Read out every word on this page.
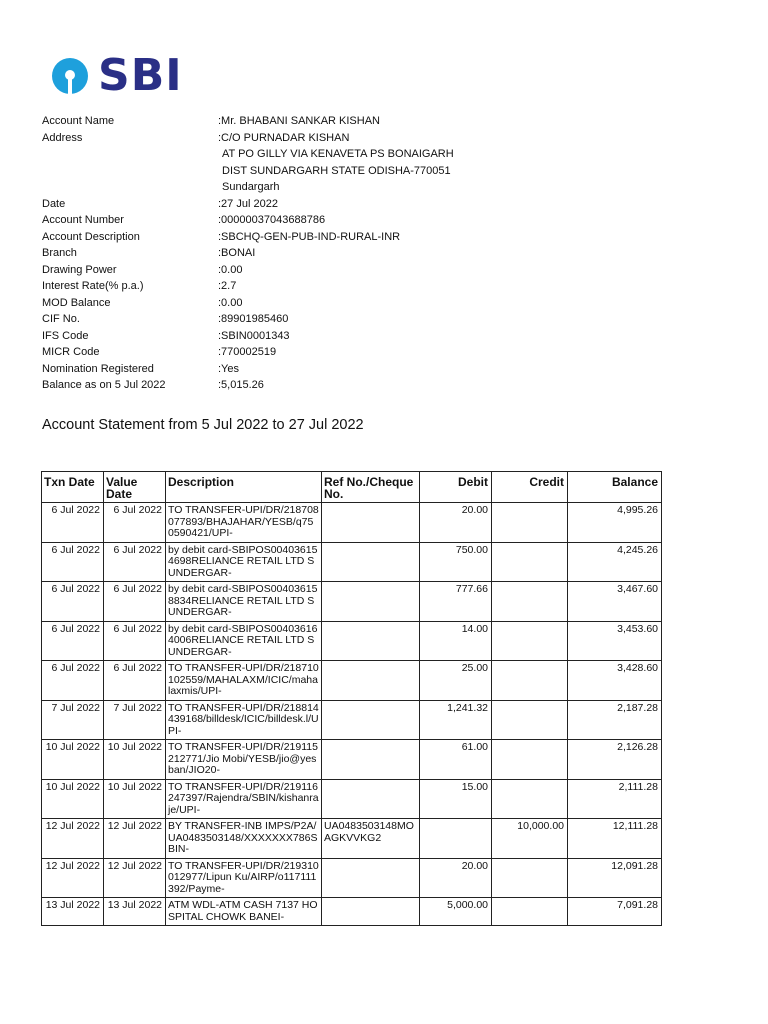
SBI
Account Name	:Mr. BHABANI SANKAR KISHAN
Address	:C/O PURNADAR KISHAN
AT PO GILLY VIA KENAVETA PS BONAIGARH
DIST SUNDARGARH STATE ODISHA-770051
Sundargarh
Date	:27 Jul 2022
Account Number	:00000037043688786
Account Description	:SBCHQ-GEN-PUB-IND-RURAL-INR
Branch	:BONAI
Drawing Power	:0.00
Interest Rate(% p.a.)	:2.7
MOD Balance	:0.00
CIF No.	:89901985460
IFS Code	:SBIN0001343
MICR Code	:770002519
Nomination Registered	:Yes
Balance as on 5 Jul 2022	:5,015.26
Account Statement from 5 Jul 2022 to 27 Jul 2022
Txn Date	Value Date	Description	Ref No./Cheque No.	Debit	Credit	Balance
6 Jul 2022	6 Jul 2022	TO TRANSFER-UPI/DR/218708077893/BHAJAHAR/YESB/q750590421/UPI-		20.00		4,995.26
6 Jul 2022	6 Jul 2022	by debit card-SBIPOS004036154698RELIANCE RETAIL LTD SUNDERGAR-		750.00		4,245.26
6 Jul 2022	6 Jul 2022	by debit card-SBIPOS004036158834RELIANCE RETAIL LTD SUNDERGAR-		777.66		3,467.60
6 Jul 2022	6 Jul 2022	by debit card-SBIPOS004036164006RELIANCE RETAIL LTD SUNDERGAR-		14.00		3,453.60
6 Jul 2022	6 Jul 2022	TO TRANSFER-UPI/DR/218710102559/MAHALAXM/ICIC/mahalaxmis/UPI-		25.00		3,428.60
7 Jul 2022	7 Jul 2022	TO TRANSFER-UPI/DR/218814439168/billdesk/ICIC/billdesk.l/UPI-		1,241.32		2,187.28
10 Jul 2022	10 Jul 2022	TO TRANSFER-UPI/DR/219115212771/Jio Mobi/YESB/jio@yesban/JIO20-		61.00		2,126.28
10 Jul 2022	10 Jul 2022	TO TRANSFER-UPI/DR/219116247397/Rajendra/SBIN/kishanraje/UPI-		15.00		2,111.28
12 Jul 2022	12 Jul 2022	BY TRANSFER-INB IMPS/P2A/UA0483503148/XXXXXXX786SBIN-	UA0483503148MOAGKVVKG2		10,000.00	12,111.28
12 Jul 2022	12 Jul 2022	TO TRANSFER-UPI/DR/219310012977/Lipun Ku/AIRP/o117111392/Payme-		20.00		12,091.28
13 Jul 2022	13 Jul 2022	ATM WDL-ATM CASH 7137 HOSPITAL CHOWK BANEI-		5,000.00		7,091.28
